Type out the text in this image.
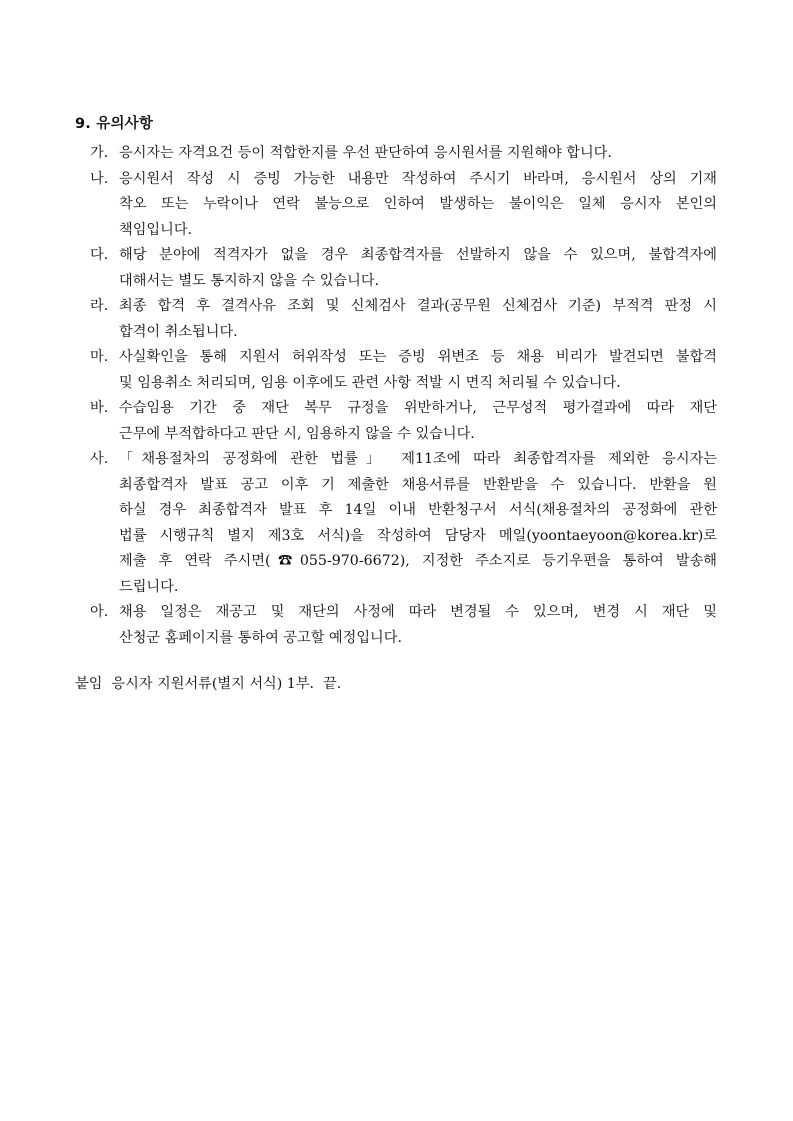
9. 유의사항
가. 응시자는 자격요건 등이 적합한지를 우선 판단하여 응시원서를 지원해야 합니다.
나. 응시원서 작성 시 증빙 가능한 내용만 작성하여 주시기 바라며, 응시원서 상의 기재
착오 또는 누락이나 연락 불능으로 인하여 발생하는 불이익은 일체 응시자 본인의
책임입니다.
다. 해당 분야에 적격자가 없을 경우 최종합격자를 선발하지 않을 수 있으며, 불합격자에
대해서는 별도 통지하지 않을 수 있습니다.
라. 최종 합격 후 결격사유 조회 및 신체검사 결과(공무원 신체검사 기준) 부적격 판정 시
합격이 취소됩니다.
마. 사실확인을 통해 지원서 허위작성 또는 증빙 위변조 등 채용 비리가 발견되면 불합격
및 임용취소 처리되며, 임용 이후에도 관련 사항 적발 시 면직 처리될 수 있습니다.
바. 수습임용 기간 중 재단 복무 규정을 위반하거나, 근무성적 평가결과에 따라 재단
근무에 부적합하다고 판단 시, 임용하지 않을 수 있습니다.
사. 「채용절차의 공정화에 관한 법률」 제11조에 따라 최종합격자를 제외한 응시자는
최종합격자 발표 공고 이후 기 제출한 채용서류를 반환받을 수 있습니다. 반환을 원
하실 경우 최종합격자 발표 후 14일 이내 반환청구서 서식(채용절차의 공정화에 관한
법률 시행규칙 별지 제3호 서식)을 작성하여 담당자 메일(yoontaeyoon@korea.kr)로
제출 후 연락 주시면(☎055-970-6672), 지정한 주소지로 등기우편을 통하여 발송해
드립니다.
아. 채용 일정은 재공고 및 재단의 사정에 따라 변경될 수 있으며, 변경 시 재단 및
산청군 홈페이지를 통하여 공고할 예정입니다.
붙임  응시자 지원서류(별지 서식) 1부.  끝.
